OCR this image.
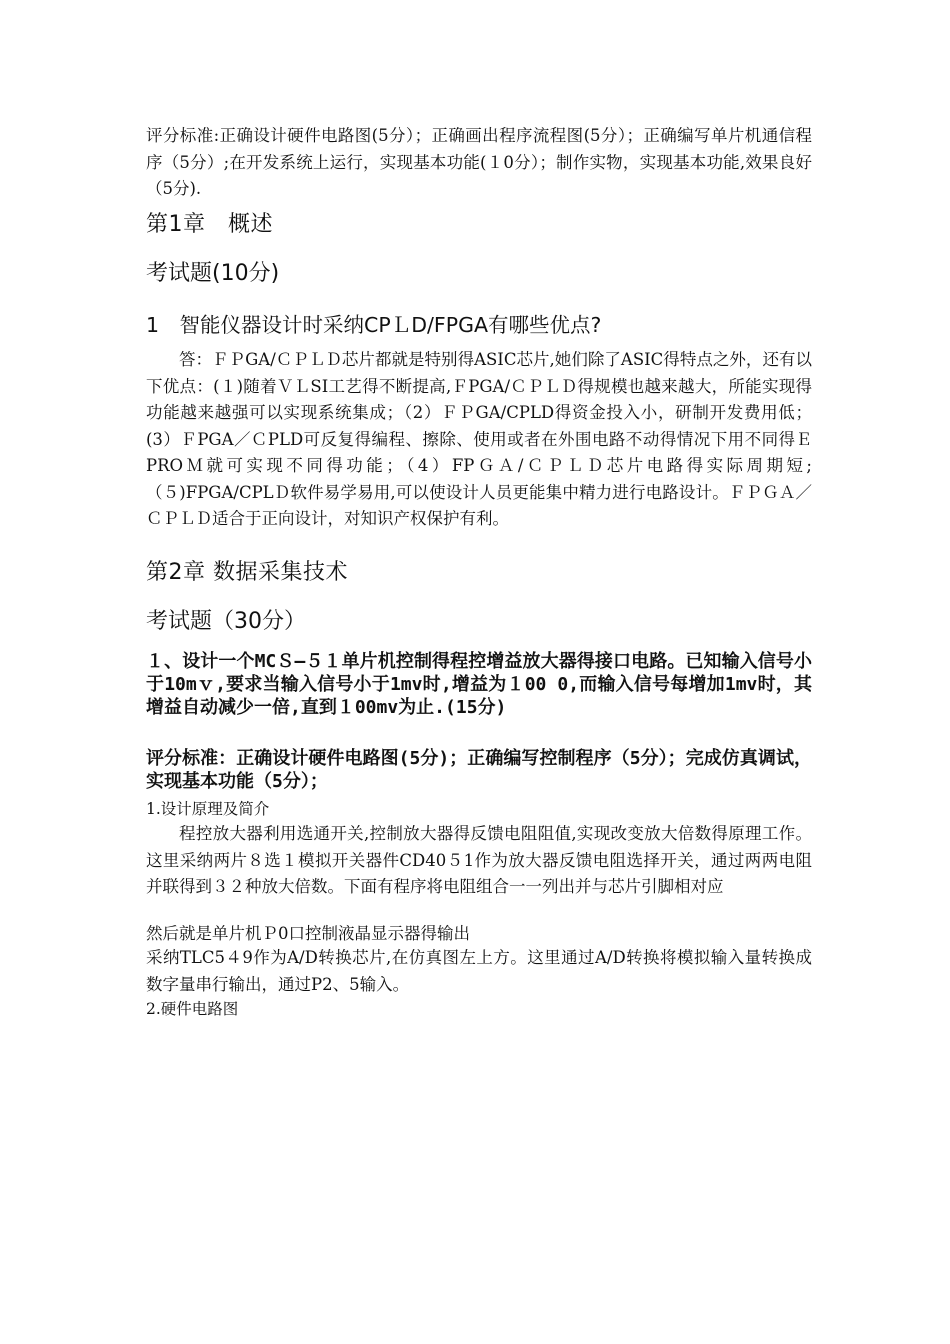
评分标准:正确设计硬件电路图(5分）；正确画出程序流程图(5分）；正确编写单片机通信程序（5分）;在开发系统上运行，实现基本功能(１0分）；制作实物，实现基本功能,效果良好（5分).

第1章　概述

考试题(10分)

1　智能仪器设计时采纳CPＬD/FPGA有哪些优点?

答：ＦＰGA/ＣＰＬＤ芯片都就是特别得ASIC芯片,她们除了ASIC得特点之外，还有以下优点：(１)随着ＶＬSI工艺得不断提高,ＦPGA/ＣＰＬＤ得规模也越来越大，所能实现得功能越来越强可以实现系统集成；（2）ＦＰGA/CPLD得资金投入小，研制开发费用低；(3）ＦPGA／ＣPLD可反复得编程、擦除、使用或者在外围电路不动得情况下用不同得ＥPROＭ就可实现不同得功能；（4）FPＧＡ/ＣＰＬＤ芯片电路得实际周期短;（５)FPGA/CPLＤ软件易学易用,可以使设计人员更能集中精力进行电路设计。ＦＰＧＡ／ＣＰＬＤ适合于正向设计，对知识产权保护有利。

第2章 数据采集技术

考试题（30分）

１、设计一个MCＳ—５１单片机控制得程控增益放大器得接口电路。已知输入信号小于10mｖ,要求当输入信号小于1mv时,增益为１00 0,而输入信号每增加1mv时，其增益自动减少一倍,直到１00mv为止.(15分)

评分标准：正确设计硬件电路图(5分)；正确编写控制程序（5分）；完成仿真调试，实现基本功能（5分）；

1.设计原理及简介

程控放大器利用选通开关,控制放大器得反馈电阻阻值,实现改变放大倍数得原理工作。这里采纳两片８选１模拟开关器件CD40５1作为放大器反馈电阻选择开关，通过两两电阻并联得到３２种放大倍数。下面有程序将电阻组合一一列出并与芯片引脚相对应

然后就是单片机Ｐ0口控制液晶显示器得输出

采纳TLC5４9作为A/D转换芯片,在仿真图左上方。这里通过A/D转换将模拟输入量转换成数字量串行输出，通过P2、5输入。

2.硬件电路图
